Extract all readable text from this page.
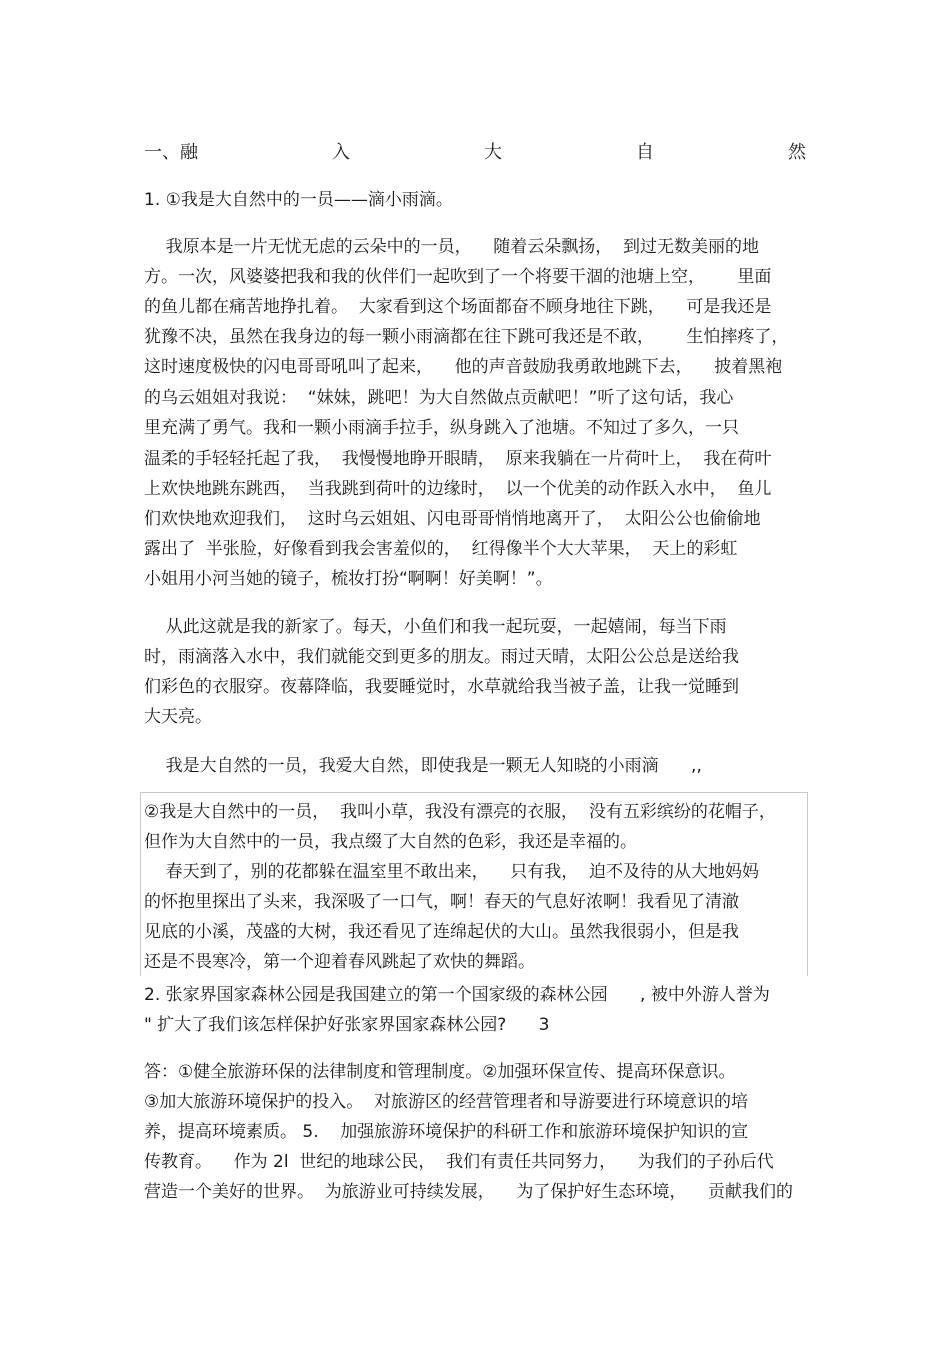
一、融	入	大	自	然
1. ①我是大自然中的一员——滴小雨滴。
我原本是一片无忧无虑的云朵中的一员，    随着云朵飘扬，  到过无数美丽的地
方。一次，风婆婆把我和我的伙伴们一起吹到了一个将要干涸的池塘上空，      里面
的鱼儿都在痛苦地挣扎着。  大家看到这个场面都奋不顾身地往下跳，    可是我还是
犹豫不决，虽然在我身边的每一颗小雨滴都在往下跳可我还是不敢，      生怕摔疼了，
这时速度极快的闪电哥哥吼叫了起来，    他的声音鼓励我勇敢地跳下去，    披着黑袍
的乌云姐姐对我说：  “妹妹，跳吧！为大自然做点贡献吧！”听了这句话，我心
里充满了勇气。我和一颗小雨滴手拉手，纵身跳入了池塘。不知过了多久，一只
温柔的手轻轻托起了我，  我慢慢地睁开眼睛，  原来我躺在一片荷叶上，  我在荷叶
上欢快地跳东跳西，  当我跳到荷叶的边缘时，  以一个优美的动作跃入水中，  鱼儿
们欢快地欢迎我们，  这时乌云姐姐、闪电哥哥悄悄地离开了，  太阳公公也偷偷地
露出了  半张脸，好像看到我会害羞似的，  红得像半个大大苹果，  天上的彩虹
小姐用小河当她的镜子，梳妆打扮“啊啊！好美啊！”。
从此这就是我的新家了。每天，小鱼们和我一起玩耍，一起嬉闹，每当下雨
时，雨滴落入水中，我们就能交到更多的朋友。雨过天晴，太阳公公总是送给我
们彩色的衣服穿。夜幕降临，我要睡觉时，水草就给我当被子盖，让我一觉睡到
大天亮。
我是大自然的一员，我爱大自然，即使我是一颗无人知晓的小雨滴      ,,
②我是大自然中的一员，  我叫小草，我没有漂亮的衣服，  没有五彩缤纷的花帽子，
但作为大自然中的一员，我点缀了大自然的色彩，我还是幸福的。
春天到了，别的花都躲在温室里不敢出来，    只有我，  迫不及待的从大地妈妈
的怀抱里探出了头来，我深吸了一口气，啊！春天的气息好浓啊！我看见了清澈
见底的小溪，茂盛的大树，我还看见了连绵起伏的大山。虽然我很弱小，但是我
还是不畏寒冷，第一个迎着春风跳起了欢快的舞蹈。
2. 张家界国家森林公园是我国建立的第一个国家级的森林公园      , 被中外游人誉为
" 扩大了我们该怎样保护好张家界国家森林公园?      3
答：①健全旅游环保的法律制度和管理制度。②加强环保宣传、提高环保意识。
③加大旅游环境保护的投入。  对旅游区的经营管理者和导游要进行环境意识的培
养，提高环境素质。 5.    加强旅游环境保护的科研工作和旅游环境保护知识的宣
传教育。    作为 2l  世纪的地球公民，  我们有责任共同努力，    为我们的子孙后代
营造一个美好的世界。  为旅游业可持续发展，    为了保护好生态环境，    贡献我们的
